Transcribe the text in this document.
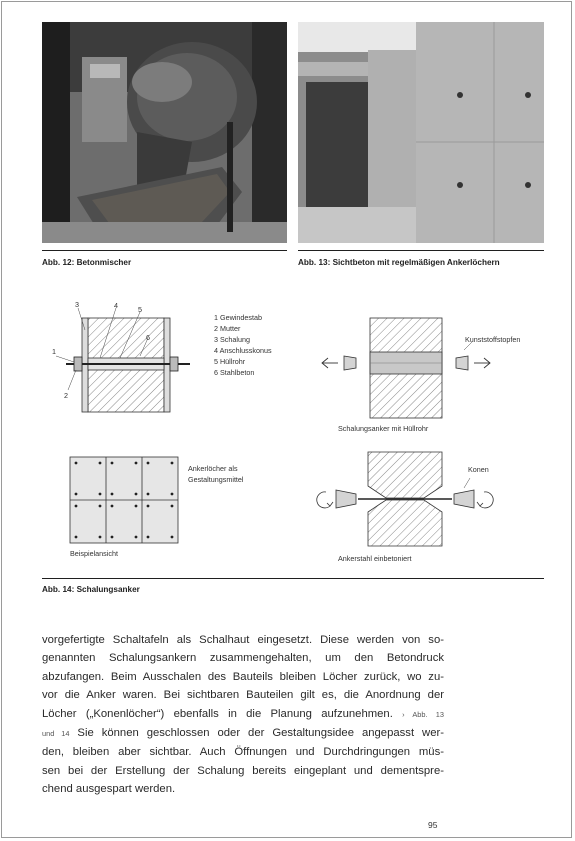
Abb. 12: Betonmischer	Abb. 13: Sichtbeton mit regelmäßigen Ankerlöchern
1
2
3	4	5
6
1 Gewindestab
2 Mutter
3 Schalung
4 Anschlusskonus
5 Hüllrohr
6 Stahlbeton
Kunststoffstopfen
Schalungsanker mit Hüllrohr
Ankerlöcher als
Gestaltungsmittel
Beispielansicht
Konen
Ankerstahl einbetoniert
Abb. 14: Schalungsanker
vorgefertigte Schaltafeln als Schalhaut eingesetzt. Diese werden von so-
genannten Schalungsankern zusammengehalten, um den Betondruck
abzufangen. Beim Ausschalen des Bauteils bleiben Löcher zurück, wo zu-
vor die Anker waren. Bei sichtbaren Bauteilen gilt es, die Anordnung der
Löcher („Konenlöcher“) ebenfalls in die Planung aufzunehmen. › Abb. 13
und 14 Sie können geschlossen oder der Gestaltungsidee angepasst wer-
den, bleiben aber sichtbar. Auch Öffnungen und Durchdringungen müs-
sen bei der Erstellung der Schalung bereits eingeplant und dementspre-
chend ausgespart werden.
95
